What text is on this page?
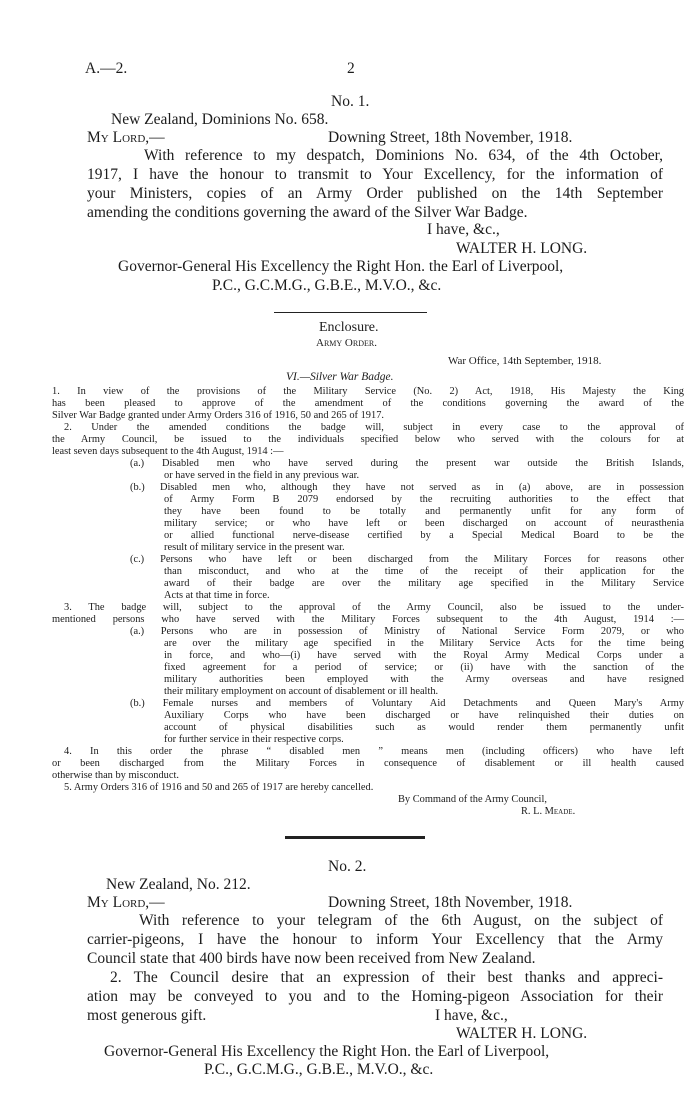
A.—2.	2
No. 1.
New Zealand, Dominions No. 658.
My Lord,—	Downing Street, 18th November, 1918.
With reference to my despatch, Dominions No. 634, of the 4th October,
1917, I have the honour to transmit to Your Excellency, for the information of
your Ministers, copies of an Army Order published on the 14th September
amending the conditions governing the award of the Silver War Badge.
I have, &c.,
WALTER H. LONG.
Governor-General His Excellency the Right Hon. the Earl of Liverpool,
P.C., G.C.M.G., G.B.E., M.V.O., &c.
Enclosure.
Army Order.
War Office, 14th September, 1918.
VI.—Silver War Badge.
1. In view of the provisions of the Military Service (No. 2) Act, 1918, His Majesty the King
has been pleased to approve of the amendment of the conditions governing the award of the
Silver War Badge granted under Army Orders 316 of 1916, 50 and 265 of 1917.
2. Under the amended conditions the badge will, subject in every case to the approval of
the Army Council, be issued to the individuals specified below who served with the colours for at
least seven days subsequent to the 4th August, 1914 :—
(a.) Disabled men who have served during the present war outside the British Islands,
or have served in the field in any previous war.
(b.) Disabled men who, although they have not served as in (a) above, are in possession
of Army Form B 2079 endorsed by the recruiting authorities to the effect that
they have been found to be totally and permanently unfit for any form of
military service; or who have left or been discharged on account of neurasthenia
or allied functional nerve-disease certified by a Special Medical Board to be the
result of military service in the present war.
(c.) Persons who have left or been discharged from the Military Forces for reasons other
than misconduct, and who at the time of the receipt of their application for the
award of their badge are over the military age specified in the Military Service
Acts at that time in force.
3. The badge will, subject to the approval of the Army Council, also be issued to the under-
mentioned persons who have served with the Military Forces subsequent to the 4th August, 1914 :—
(a.) Persons who are in possession of Ministry of National Service Form 2079, or who
are over the military age specified in the Military Service Acts for the time being
in force, and who—(i) have served with the Royal Army Medical Corps under a
fixed agreement for a period of service; or (ii) have with the sanction of the
military authorities been employed with the Army overseas and have resigned
their military employment on account of disablement or ill health.
(b.) Female nurses and members of Voluntary Aid Detachments and Queen Mary's Army
Auxiliary Corps who have been discharged or have relinquished their duties on
account of physical disabilities such as would render them permanently unfit
for further service in their respective corps.
4. In this order the phrase “ disabled men ” means men (including officers) who have left
or been discharged from the Military Forces in consequence of disablement or ill health caused
otherwise than by misconduct.
5. Army Orders 316 of 1916 and 50 and 265 of 1917 are hereby cancelled.
By Command of the Army Council,
R. L. Meade.
No. 2.
New Zealand, No. 212.
My Lord,—	Downing Street, 18th November, 1918.
With reference to your telegram of the 6th August, on the subject of
carrier-pigeons, I have the honour to inform Your Excellency that the Army
Council state that 400 birds have now been received from New Zealand.
2. The Council desire that an expression of their best thanks and appreci-
ation may be conveyed to you and to the Homing-pigeon Association for their
most generous gift.	I have, &c.,
WALTER H. LONG.
Governor-General His Excellency the Right Hon. the Earl of Liverpool,
P.C., G.C.M.G., G.B.E., M.V.O., &c.
